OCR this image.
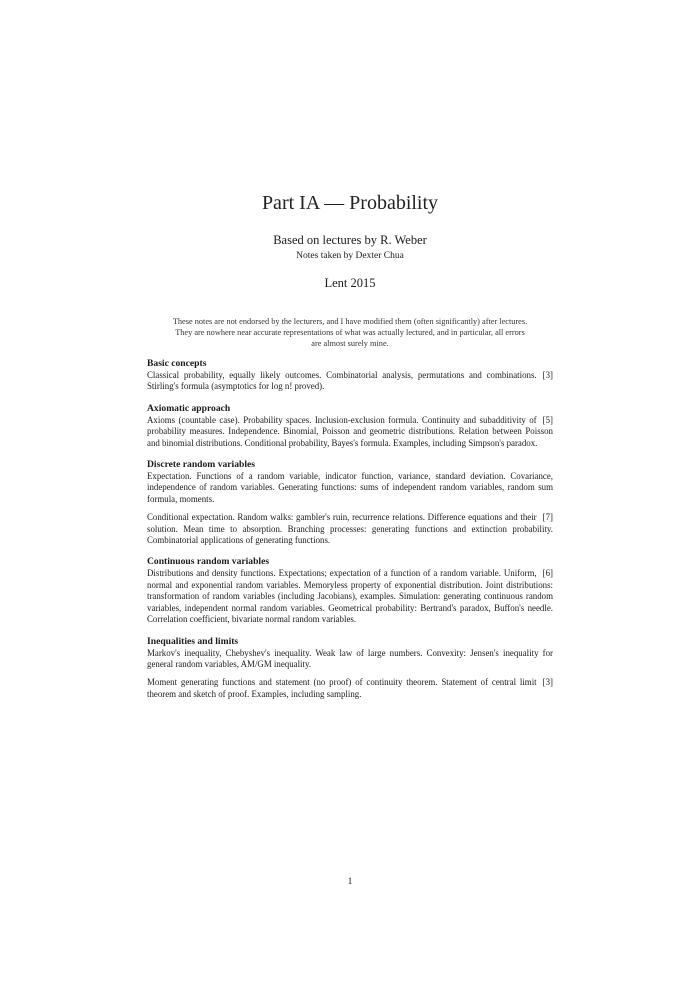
Part IA — Probability
Based on lectures by R. Weber
Notes taken by Dexter Chua
Lent 2015
These notes are not endorsed by the lecturers, and I have modified them (often significantly) after lectures. They are nowhere near accurate representations of what was actually lectured, and in particular, all errors are almost surely mine.
Basic concepts

[3]
Classical probability, equally likely outcomes. Combinatorial analysis, permutations and combinations. Stirling's formula (asymptotics for log n! proved).

Axiomatic approach

[5]
Axioms (countable case). Probability spaces. Inclusion-exclusion formula. Continuity and subadditivity of probability measures. Independence. Binomial, Poisson and geometric distributions. Relation between Poisson and binomial distributions. Conditional probability, Bayes's formula. Examples, including Simpson's paradox.

Discrete random variables

Expectation. Functions of a random variable, indicator function, variance, standard deviation. Covariance, independence of random variables. Generating functions: sums of independent random variables, random sum formula, moments.

[7]
Conditional expectation. Random walks: gambler's ruin, recurrence relations. Difference equations and their solution. Mean time to absorption. Branching processes: generating functions and extinction probability. Combinatorial applications of generating functions.

Continuous random variables

[6]
Distributions and density functions. Expectations; expectation of a function of a random variable. Uniform, normal and exponential random variables. Memoryless property of exponential distribution. Joint distributions: transformation of random variables (including Jacobians), examples. Simulation: generating continuous random variables, independent normal random variables. Geometrical probability: Bertrand's paradox, Buffon's needle. Correlation coefficient, bivariate normal random variables.

Inequalities and limits

Markov's inequality, Chebyshev's inequality. Weak law of large numbers. Convexity: Jensen's inequality for general random variables, AM/GM inequality.

[3]
Moment generating functions and statement (no proof) of continuity theorem. Statement of central limit theorem and sketch of proof. Examples, including sampling.

1
